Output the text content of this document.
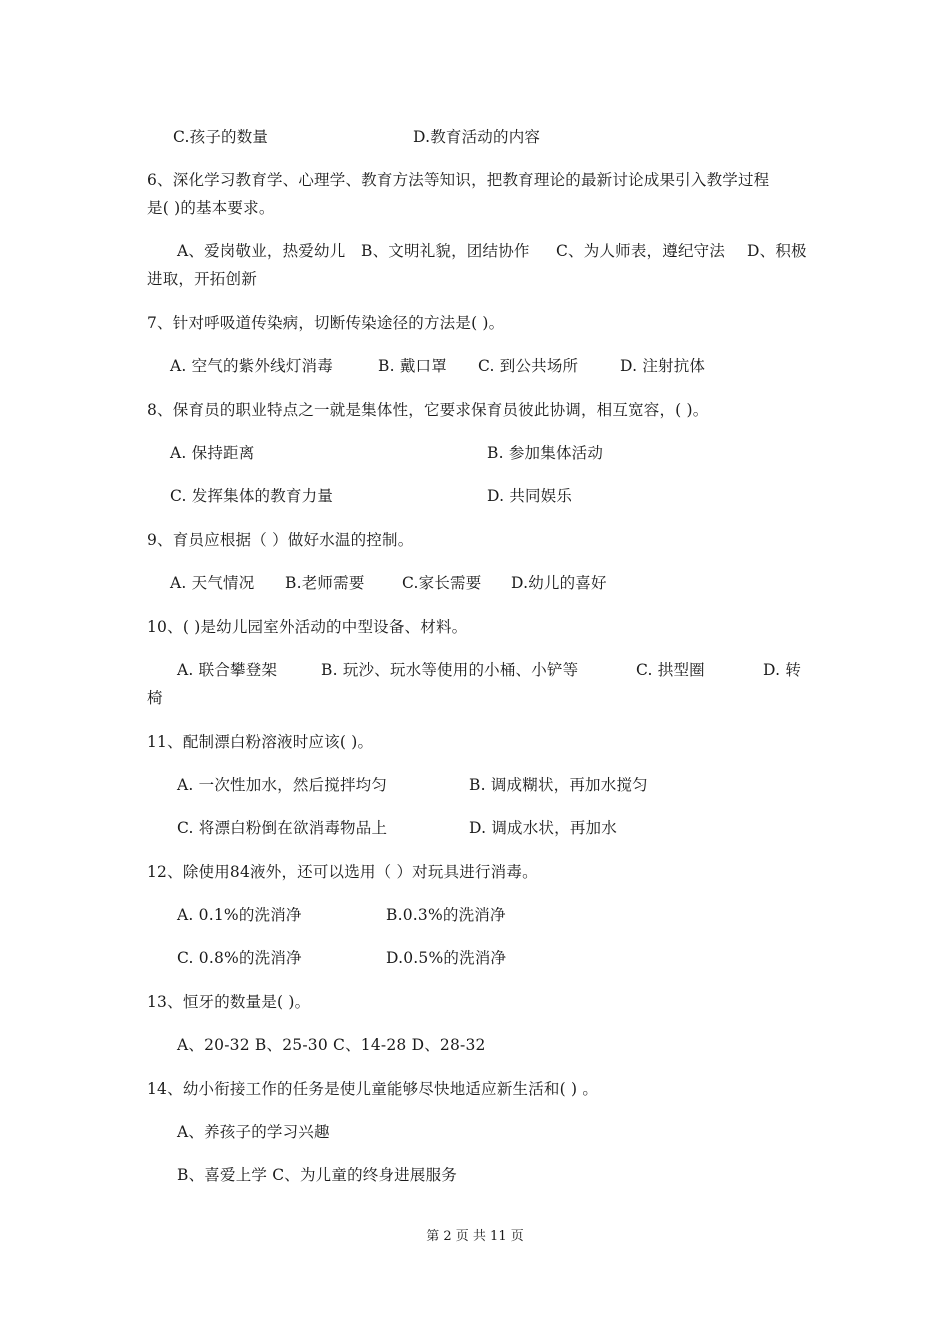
C.孩子的数量	D.教育活动的内容
6、深化学习教育学、心理学、教育方法等知识，把教育理论的最新讨论成果引入教学过程
是( )的基本要求。
A、爱岗敬业，热爱幼儿 B、文明礼貌，团结协作 C、为人师表，遵纪守法 D、积极
进取，开拓创新
7、针对呼吸道传染病，切断传染途径的方法是( )。
A. 空气的紫外线灯消毒	B. 戴口罩 C. 到公共场所	D. 注射抗体
8、保育员的职业特点之一就是集体性，它要求保育员彼此协调，相互宽容，( )。
A. 保持距离	B. 参加集体活动
C. 发挥集体的教育力量	D. 共同娱乐
9、育员应根据（ ）做好水温的控制。
A. 天气情况 B.老师需要 C.家长需要 D.幼儿的喜好
10、( )是幼儿园室外活动的中型设备、材料。
A. 联合攀登架	B. 玩沙、玩水等使用的小桶、小铲等	C. 拱型圈	D. 转
椅
11、配制漂白粉溶液时应该( )。
A. 一次性加水，然后搅拌均匀	B. 调成糊状，再加水搅匀
C. 将漂白粉倒在欲消毒物品上	D. 调成水状，再加水
12、除使用84液外，还可以选用（ ）对玩具进行消毒。
A. 0.1%的洗消净	B.0.3%的洗消净
C. 0.8%的洗消净	D.0.5%的洗消净
13、恒牙的数量是( )。
A、20-32 B、25-30 C、14-28 D、28-32
14、幼小衔接工作的任务是使儿童能够尽快地适应新生活和( ) 。
A、养孩子的学习兴趣
B、喜爱上学 C、为儿童的终身进展服务
第 2 页 共 11 页
